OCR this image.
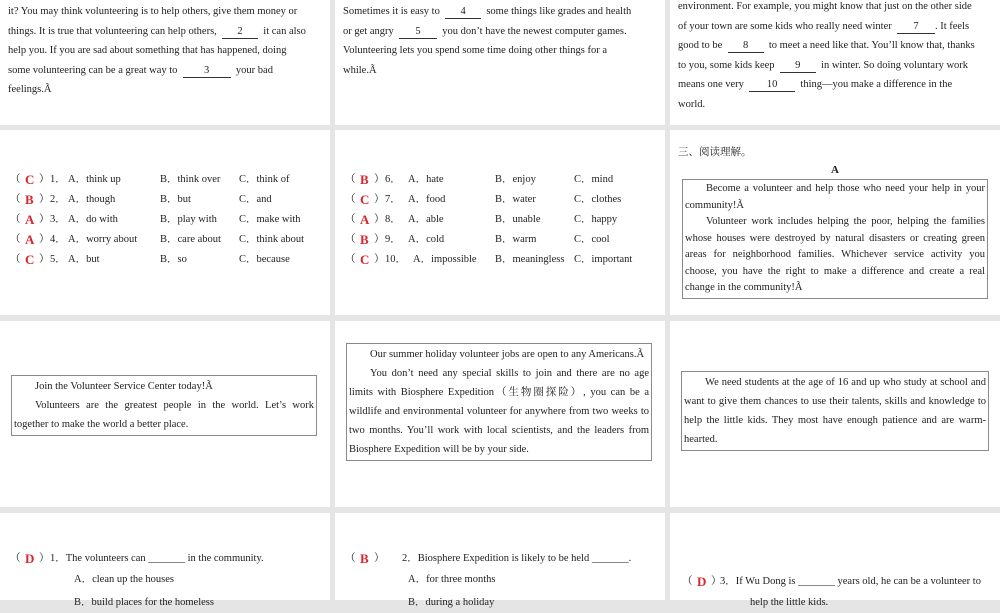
it? You may think volunteering is to help others, give them money or
things. It is true that volunteering can help others, 2 it can also
help you. If you are sad about something that has happened, doing
some volunteering can be a great way to	3	your bad
feelings.Ã
Sometimes it is easy to 4 some things like grades and health
or get angry 5 you don’t have the newest computer games.
Volunteering lets you spend some time doing other things for a
while.Ã
environment. For example, you might know that just on the other side
of your town are some kids who really need winter 7 . It feels
good to be 8 to meet a need like that. You’ll know that, thanks
to you, some kids keep 9 in winter. So doing voluntary work
means one very 10 thing—you make a difference in the
world.
（ C ） 1． A．think up	B．think over C．think of
（ B ） 2． A．though	B．but	C．and
（ A ） 3． A．do with	B．play with C．make with
（ A ） 4． A．worry about B．care about C．think about
（ C ） 5． A．but	B．so	C．because
（ B ） 6． A．hate	B．enjoy	C．mind
（ C ） 7． A．food	B．water	C．clothes
（ A ） 8． A．able	B．unable	C．happy
（ B ） 9． A．cold	B．warm	C．cool
（ C ） 10． A．impossible B．meaningless C．important
三、阅读理解。
A
Become a volunteer and help those who need your help in your community!Ã
Volunteer work includes helping the poor, helping the families whose houses were destroyed by natural disasters or creating green areas for neighborhood families. Whichever service activity you choose, you have the right to make a difference and create a real change in the community!Ã
Join the Volunteer Service Center today!Ã
Volunteers are the greatest people in the world. Let’s work together to make the world a better place.
Our summer holiday volunteer jobs are open to any Americans.Ã
You don’t need any special skills to join and there are no age limits with Biosphere Expedition（生物圈探险）, you can be a wildlife and environmental volunteer for anywhere from two weeks to two months. You’ll work with local scientists, and the leaders from Biosphere Expedition will be by your side.
We need students at the age of 16 and up who study at school and want to give them chances to use their talents, skills and knowledge to help the little kids. They most have enough patience and are warm-hearted.
（ D ） 1．The volunteers can _______ in the community.
A．clean up the houses
B．build places for the homeless
（ B ） 2．Biosphere Expedition is likely to be held _______.
A．for three months
B．during a holiday
（ D ）
3．If Wu Dong is _______ years old, he can be a volunteer to
help the little kids.
